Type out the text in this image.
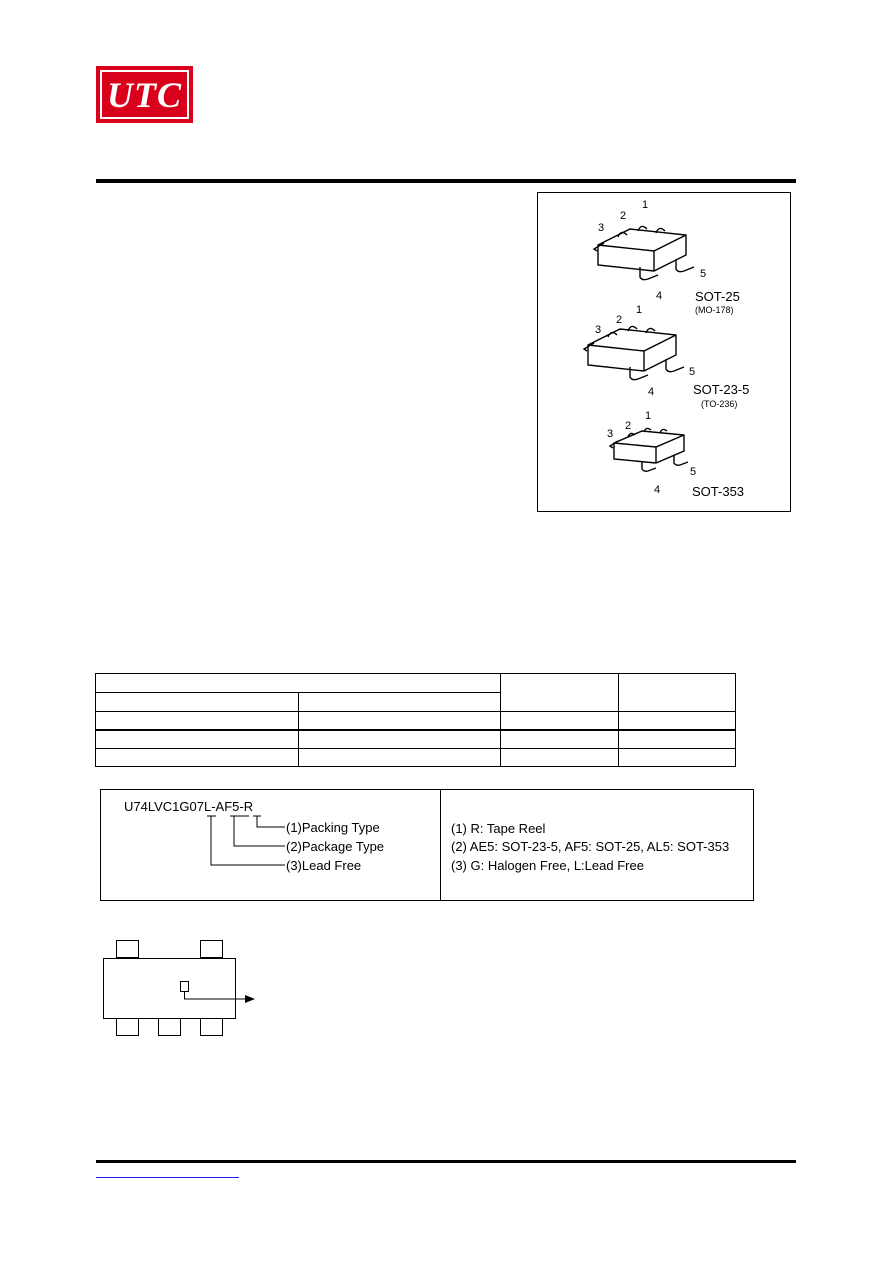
UTC
1
2
3
4
5
SOT-25
(MO-178)
1
2
3
4
5
SOT-23-5
(TO-236)
1
2
3
4
5
SOT-353
U74LVC1G07L-AF5-R
(1)Packing Type
(2)Package Type
(3)Lead Free
(1) R: Tape Reel
(2) AE5: SOT-23-5, AF5: SOT-25, AL5: SOT-353
(3) G: Halogen Free, L:Lead Free
